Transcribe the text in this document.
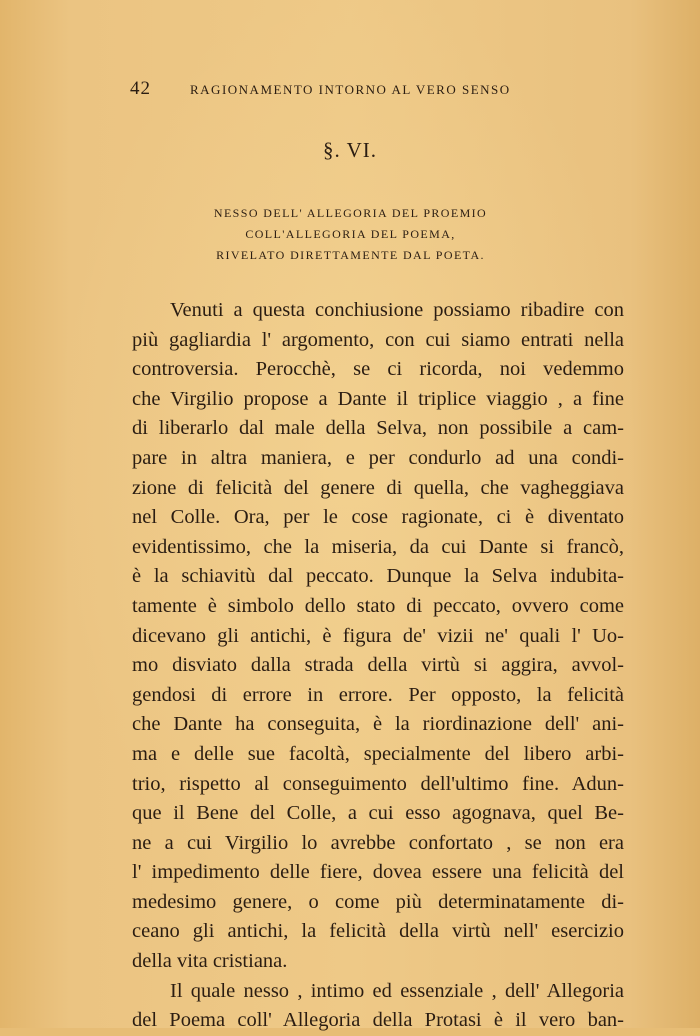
42	RAGIONAMENTO INTORNO AL VERO SENSO
§. VI.
NESSO DELL' ALLEGORIA DEL PROEMIO
COLL'ALLEGORIA DEL POEMA,
RIVELATO DIRETTAMENTE DAL POETA.
Venuti a questa conchiusione possiamo ribadire con
più gagliardia l' argomento, con cui siamo entrati nella
controversia. Perocchè, se ci ricorda, noi vedemmo
che Virgilio propose a Dante il triplice viaggio , a fine
di liberarlo dal male della Selva, non possibile a cam-
pare in altra maniera, e per condurlo ad una condi-
zione di felicità del genere di quella, che vagheggiava
nel Colle. Ora, per le cose ragionate, ci è diventato
evidentissimo, che la miseria, da cui Dante si francò,
è la schiavitù dal peccato. Dunque la Selva indubita-
tamente è simbolo dello stato di peccato, ovvero come
dicevano gli antichi, è figura de' vizii ne' quali l' Uo-
mo disviato dalla strada della virtù si aggira, avvol-
gendosi di errore in errore. Per opposto, la felicità
che Dante ha conseguita, è la riordinazione dell' ani-
ma e delle sue facoltà, specialmente del libero arbi-
trio, rispetto al conseguimento dell'ultimo fine. Adun-
que il Bene del Colle, a cui esso agognava, quel Be-
ne a cui Virgilio lo avrebbe confortato , se non era
l' impedimento delle fiere, dovea essere una felicità del
medesimo genere, o come più determinatamente di-
ceano gli antichi, la felicità della virtù nell' esercizio
della vita cristiana.
Il quale nesso , intimo ed essenziale , dell' Allegoria
del Poema coll' Allegoria della Protasi è il vero ban-
